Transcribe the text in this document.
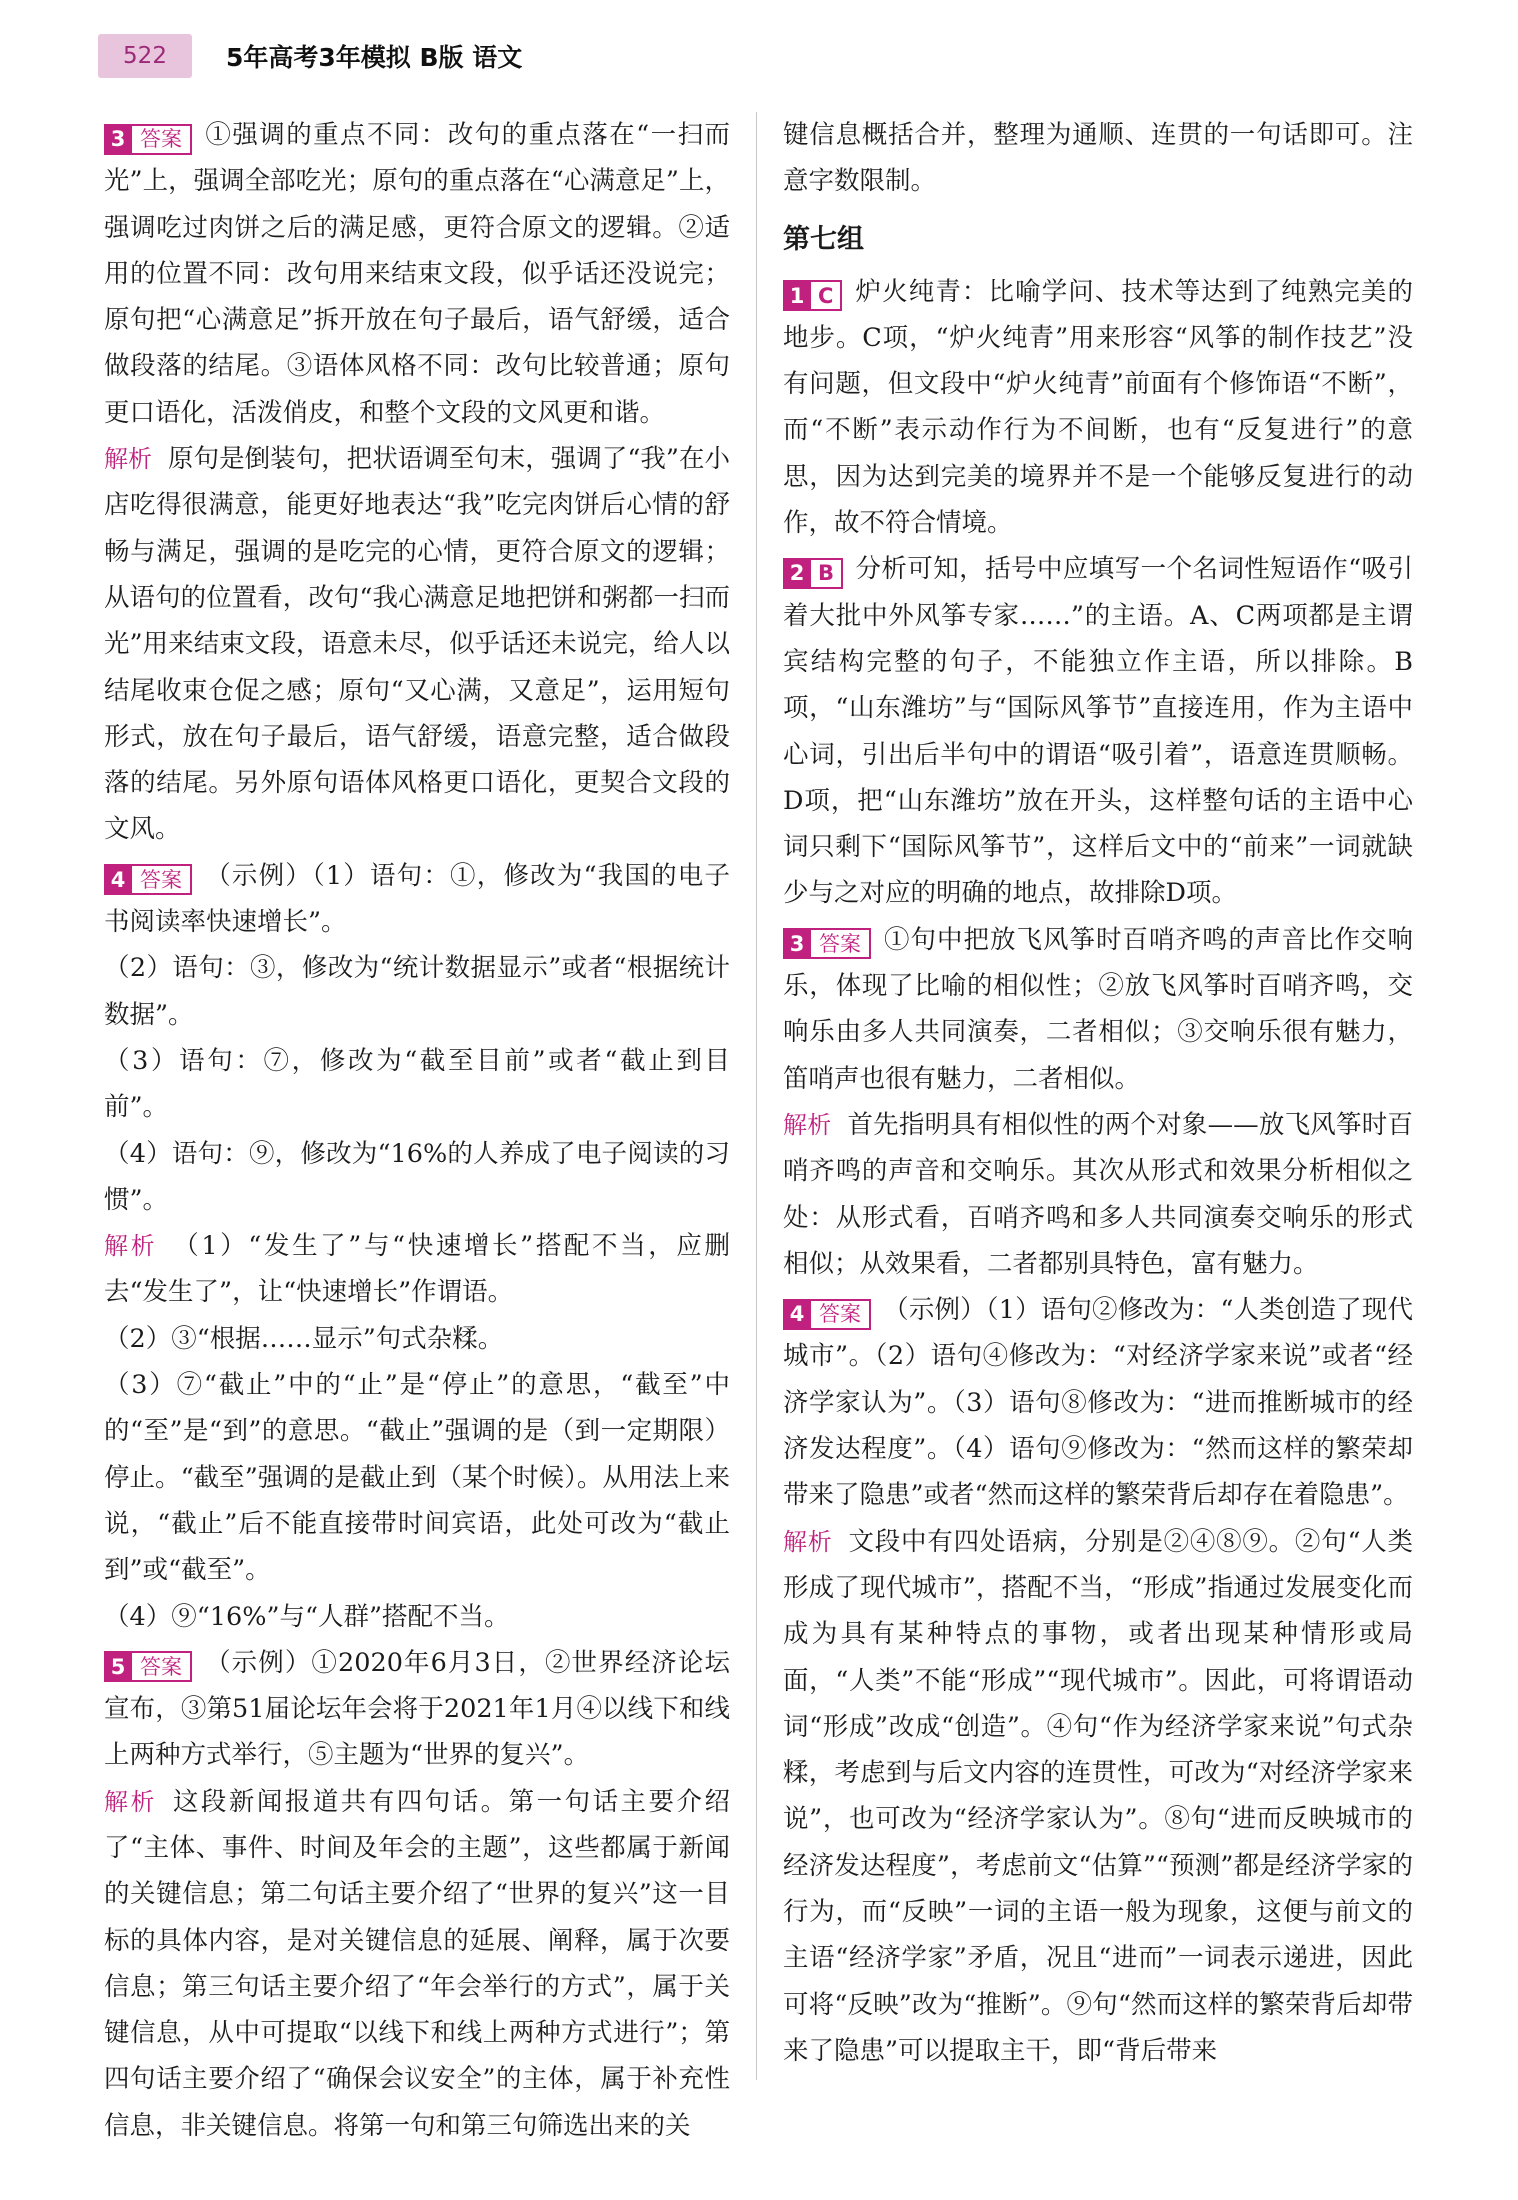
522	5年高考3年模拟 B版 语文

3 答案 ①强调的重点不同：改句的重点落在“一扫而光”上，强调全部吃光；原句的重点落在“心满意足”上，强调吃过肉饼之后的满足感，更符合原文的逻辑。②适用的位置不同：改句用来结束文段，似乎话还没说完；原句把“心满意足”拆开放在句子最后，语气舒缓，适合做段落的结尾。③语体风格不同：改句比较普通；原句更口语化，活泼俏皮，和整个文段的文风更和谐。

解析 原句是倒装句，把状语调至句末，强调了“我”在小店吃得很满意，能更好地表达“我”吃完肉饼后心情的舒畅与满足，强调的是吃完的心情，更符合原文的逻辑；从语句的位置看，改句“我心满意足地把饼和粥都一扫而光”用来结束文段，语意未尽，似乎话还未说完，给人以结尾收束仓促之感；原句“又心满，又意足”，运用短句形式，放在句子最后，语气舒缓，语意完整，适合做段落的结尾。另外原句语体风格更口语化，更契合文段的文风。

4 答案 （示例）（1）语句：①，修改为“我国的电子书阅读率快速增长”。

（2）语句：③，修改为“统计数据显示”或者“根据统计数据”。

（3）语句：⑦，修改为“截至目前”或者“截止到目前”。

（4）语句：⑨，修改为“16%的人养成了电子阅读的习惯”。

解析 （1）“发生了”与“快速增长”搭配不当，应删去“发生了”，让“快速增长”作谓语。

（2）③“根据……显示”句式杂糅。

（3）⑦“截止”中的“止”是“停止”的意思，“截至”中的“至”是“到”的意思。“截止”强调的是（到一定期限）停止。“截至”强调的是截止到（某个时候）。从用法上来说，“截止”后不能直接带时间宾语，此处可改为“截止到”或“截至”。

（4）⑨“16%”与“人群”搭配不当。

5 答案 （示例）①2020年6月3日，②世界经济论坛宣布，③第51届论坛年会将于2021年1月④以线下和线上两种方式举行，⑤主题为“世界的复兴”。

解析 这段新闻报道共有四句话。第一句话主要介绍了“主体、事件、时间及年会的主题”，这些都属于新闻的关键信息；第二句话主要介绍了“世界的复兴”这一目标的具体内容，是对关键信息的延展、阐释，属于次要信息；第三句话主要介绍了“年会举行的方式”，属于关键信息，从中可提取“以线下和线上两种方式进行”；第四句话主要介绍了“确保会议安全”的主体，属于补充性信息，非关键信息。将第一句和第三句筛选出来的关

键信息概括合并，整理为通顺、连贯的一句话即可。注意字数限制。

第七组

1 C 炉火纯青：比喻学问、技术等达到了纯熟完美的地步。C项，“炉火纯青”用来形容“风筝的制作技艺”没有问题，但文段中“炉火纯青”前面有个修饰语“不断”，而“不断”表示动作行为不间断，也有“反复进行”的意思，因为达到完美的境界并不是一个能够反复进行的动作，故不符合情境。

2 B 分析可知，括号中应填写一个名词性短语作“吸引着大批中外风筝专家……”的主语。A、C两项都是主谓宾结构完整的句子，不能独立作主语，所以排除。B项，“山东潍坊”与“国际风筝节”直接连用，作为主语中心词，引出后半句中的谓语“吸引着”，语意连贯顺畅。D项，把“山东潍坊”放在开头，这样整句话的主语中心词只剩下“国际风筝节”，这样后文中的“前来”一词就缺少与之对应的明确的地点，故排除D项。

3 答案 ①句中把放飞风筝时百哨齐鸣的声音比作交响乐，体现了比喻的相似性；②放飞风筝时百哨齐鸣，交响乐由多人共同演奏，二者相似；③交响乐很有魅力，笛哨声也很有魅力，二者相似。

解析 首先指明具有相似性的两个对象——放飞风筝时百哨齐鸣的声音和交响乐。其次从形式和效果分析相似之处：从形式看，百哨齐鸣和多人共同演奏交响乐的形式相似；从效果看，二者都别具特色，富有魅力。

4 答案 （示例）（1）语句②修改为：“人类创造了现代城市”。（2）语句④修改为：“对经济学家来说”或者“经济学家认为”。（3）语句⑧修改为：“进而推断城市的经济发达程度”。（4）语句⑨修改为：“然而这样的繁荣却带来了隐患”或者“然而这样的繁荣背后却存在着隐患”。

解析 文段中有四处语病，分别是②④⑧⑨。②句“人类形成了现代城市”，搭配不当，“形成”指通过发展变化而成为具有某种特点的事物，或者出现某种情形或局面，“人类”不能“形成”“现代城市”。因此，可将谓语动词“形成”改成“创造”。④句“作为经济学家来说”句式杂糅，考虑到与后文内容的连贯性，可改为“对经济学家来说”，也可改为“经济学家认为”。⑧句“进而反映城市的经济发达程度”，考虑前文“估算”“预测”都是经济学家的行为，而“反映”一词的主语一般为现象，这便与前文的主语“经济学家”矛盾，况且“进而”一词表示递进，因此可将“反映”改为“推断”。⑨句“然而这样的繁荣背后却带来了隐患”可以提取主干，即“背后带来
